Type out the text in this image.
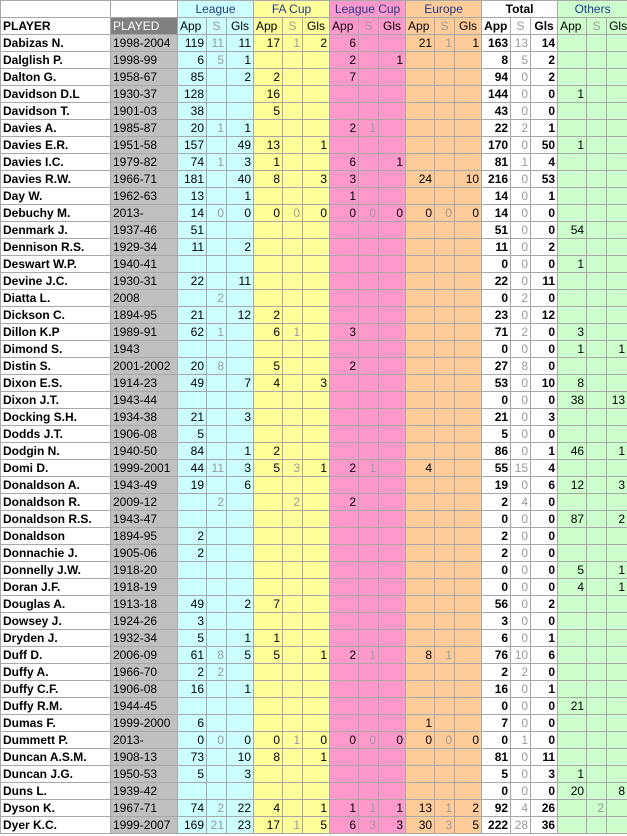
		League			FA Cup			League Cup			Europe			Total			Others		
PLAYER	PLAYED	App	S	Gls	App	S	Gls	App	S	Gls	App	S	Gls	App	S	Gls	App	S	Gls
Dabizas N.	1998-2004	119	11	11	17	1	2	6			21	1	1	163	13	14			
Dalglish P.	1998-99	6	5	1				2		1				8	5	2			
Dalton G.	1958-67	85		2	2			7						94	0	2			
Davidson D.L	1930-37	128			16									144	0	0	1		
Davidson T.	1901-03	38			5									43	0	0			
Davies A.	1985-87	20	1	1				2	1					22	2	1			
Davies E.R.	1951-58	157		49	13		1							170	0	50	1		
Davies I.C.	1979-82	74	1	3	1			6		1				81	1	4			
Davies R.W.	1966-71	181		40	8		3	3			24		10	216	0	53			
Day W.	1962-63	13		1				1						14	0	1			
Debuchy M.	2013-	14	0	0	0	0	0	0	0	0	0	0	0	14	0	0			
Denmark J.	1937-46	51												51	0	0	54		
Dennison R.S.	1929-34	11		2										11	0	2			
Deswart W.P.	1940-41													0	0	0	1		
Devine J.C.	1930-31	22		11										22	0	11			
Diatta L.	2008		2											0	2	0			
Dickson C.	1894-95	21		12	2									23	0	12			
Dillon K.P	1989-91	62	1		6	1		3						71	2	0	3		
Dimond S.	1943													0	0	0	1		1
Distin S.	2001-2002	20	8		5			2						27	8	0			
Dixon E.S.	1914-23	49		7	4		3							53	0	10	8		
Dixon J.T.	1943-44													0	0	0	38		13
Docking S.H.	1934-38	21		3										21	0	3			
Dodds J.T.	1906-08	5												5	0	0			
Dodgin N.	1940-50	84		1	2									86	0	1	46		1
Domi D.	1999-2001	44	11	3	5	3	1	2	1		4			55	15	4			
Donaldson A.	1943-49	19		6										19	0	6	12		3
Donaldson R.	2009-12		2			2		2						2	4	0			
Donaldson R.S.	1943-47													0	0	0	87		2
Donaldson	1894-95	2												2	0	0			
Donnachie J.	1905-06	2												2	0	0			
Donnelly J.W.	1918-20													0	0	0	5		1
Doran J.F.	1918-19													0	0	0	4		1
Douglas A.	1913-18	49		2	7									56	0	2			
Dowsey J.	1924-26	3												3	0	0			
Dryden J.	1932-34	5		1	1									6	0	1			
Duff D.	2006-09	61	8	5	5		1	2	1		8	1		76	10	6			
Duffy A.	1966-70	2	2											2	2	0			
Duffy C.F.	1906-08	16		1										16	0	1			
Duffy R.M.	1944-45													0	0	0	21		
Dumas F.	1999-2000	6									1			7	0	0			
Dummett P.	2013-	0	0	0	0	1	0	0	0	0	0	0	0	0	1	0			
Duncan A.S.M.	1908-13	73		10	8		1							81	0	11			
Duncan J.G.	1950-53	5		3										5	0	3	1		
Duns L.	1939-42													0	0	0	20		8
Dyson K.	1967-71	74	2	22	4		1	1	1	1	13	1	2	92	4	26		2	
Dyer K.C.	1999-2007	169	21	23	17	1	5	6	3	3	30	3	5	222	28	36			
